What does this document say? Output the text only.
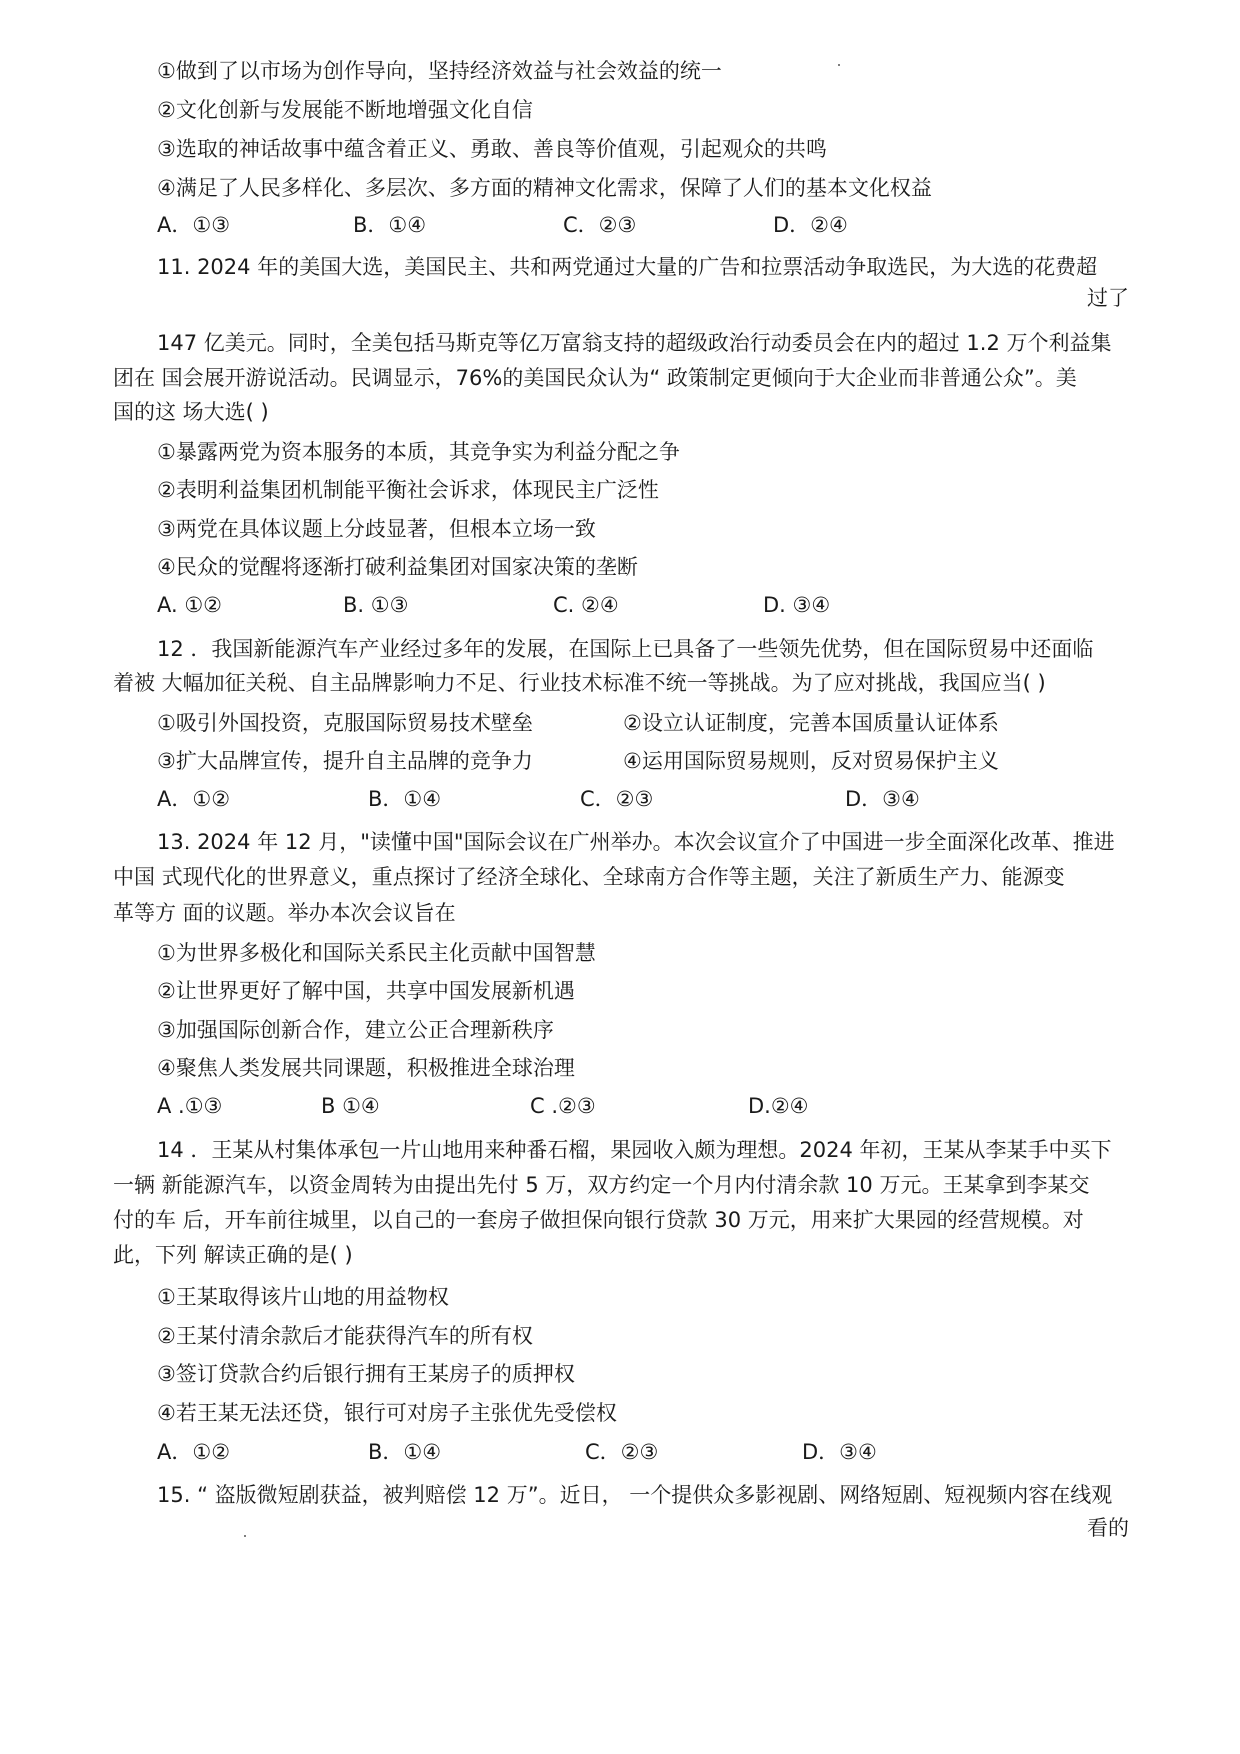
①做到了以市场为创作导向，坚持经济效益与社会效益的统一
②文化创新与发展能不断地增强文化自信
③选取的神话故事中蕴含着正义、勇敢、善良等价值观，引起观众的共鸣
④满足了人民多样化、多层次、多方面的精神文化需求，保障了人们的基本文化权益
A．①③	B．①④	C．②③	D．②④
11. 2024 年的美国大选，美国民主、共和两党通过大量的广告和拉票活动争取选民，为大选的花费超
过了
147 亿美元。同时，全美包括马斯克等亿万富翁支持的超级政治行动委员会在内的超过 1.2 万个利益集
团在 国会展开游说活动。民调显示，76%的美国民众认为“ 政策制定更倾向于大企业而非普通公众”。美
国的这 场大选( )
①暴露两党为资本服务的本质，其竞争实为利益分配之争
②表明利益集团机制能平衡社会诉求，体现民主广泛性
③两党在具体议题上分歧显著，但根本立场一致
④民众的觉醒将逐渐打破利益集团对国家决策的垄断
A. ①②	B. ①③	C. ②④	D. ③④
12 ．我国新能源汽车产业经过多年的发展，在国际上已具备了一些领先优势，但在国际贸易中还面临
着被 大幅加征关税、自主品牌影响力不足、行业技术标准不统一等挑战。为了应对挑战，我国应当( )
①吸引外国投资，克服国际贸易技术壁垒	②设立认证制度，完善本国质量认证体系
③扩大品牌宣传，提升自主品牌的竞争力	④运用国际贸易规则，反对贸易保护主义
A．①②	B．①④	C．②③	D．③④
13. 2024 年 12 月，"读懂中国"国际会议在广州举办。本次会议宣介了中国进一步全面深化改革、推进
中国 式现代化的世界意义，重点探讨了经济全球化、全球南方合作等主题，关注了新质生产力、能源变
革等方 面的议题。举办本次会议旨在
①为世界多极化和国际关系民主化贡献中国智慧
②让世界更好了解中国，共享中国发展新机遇
③加强国际创新合作，建立公正合理新秩序
④聚焦人类发展共同课题，积极推进全球治理
A .①③	B ①④	C .②③	D.②④
14 ．王某从村集体承包一片山地用来种番石榴，果园收入颇为理想。2024 年初，王某从李某手中买下
一辆 新能源汽车，以资金周转为由提出先付 5 万，双方约定一个月内付清余款 10 万元。王某拿到李某交
付的车 后，开车前往城里，以自己的一套房子做担保向银行贷款 30 万元，用来扩大果园的经营规模。对
此，下列 解读正确的是( )
①王某取得该片山地的用益物权
②王某付清余款后才能获得汽车的所有权
③签订贷款合约后银行拥有王某房子的质押权
④若王某无法还贷，银行可对房子主张优先受偿权
A．①②	B．①④	C．②③	D．③④
15. “ 盗版微短剧获益，被判赔偿 12 万”。近日， 一个提供众多影视剧、网络短剧、短视频内容在线观
看的
